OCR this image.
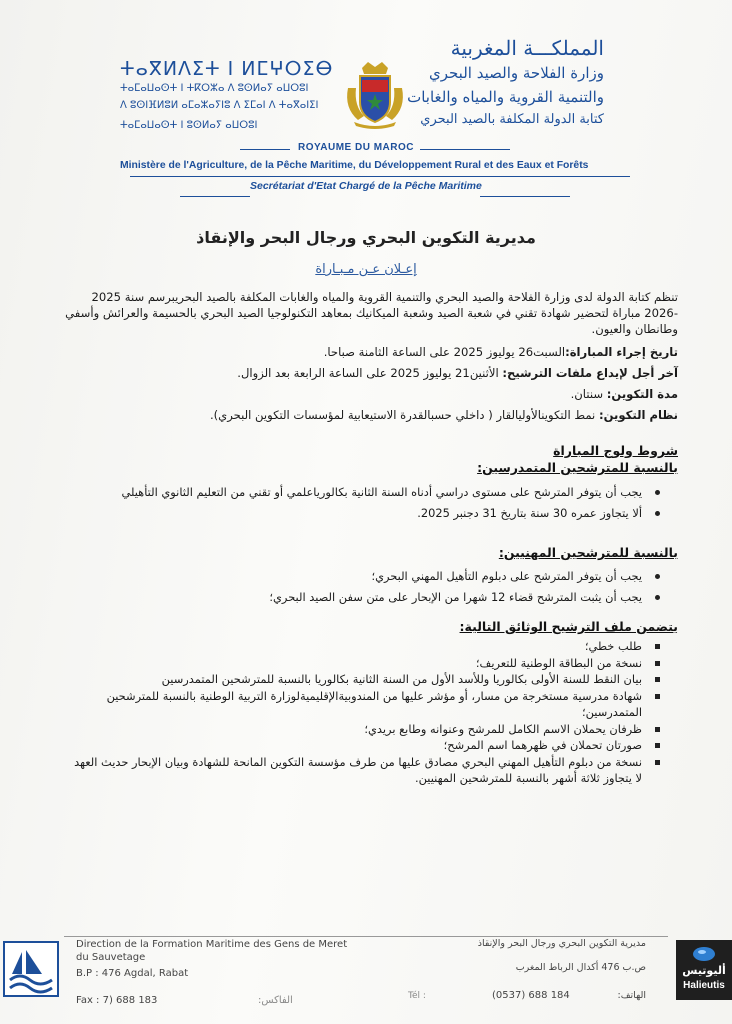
ⵜⴰⴳⵍⴷⵉⵜ ⵏ ⵍⵎⵖⵔⵉⴱ
ⵜⴰⵎⴰⵡⴰⵙⵜ ⵏ ⵜⴽⵔⵣⴰ ⴷ ⵓⵙⵍⴰⵢ ⴰⵡⵔⵓⵏ
ⴷ ⵓⵙⵏⴼⵍⵓⵍ ⴰⵎⴰⵣⴰⵢⵏⵓ ⴷ ⵉⵎⴰⵏ ⴷ ⵜⴰⴳⴰⵏⵉⵏ
ⵜⴰⵎⴰⵡⴰⵙⵜ ⵏ ⵓⵙⵍⴰⵢ ⴰⵡⵔⵓⵏ
المملكـــة المغربية
وزارة الفلاحة والصيد البحري
والتنمية القروية والمياه والغابات
كتابة الدولة المكلفة بالصيد البحري
ROYAUME DU MAROC
Ministère de l'Agriculture, de la Pêche Maritime, du Développement Rural et des Eaux et Forêts
Secrétariat d'Etat Chargé de la Pêche Maritime
مديرية التكوين البحري ورجال البحر والإنقاذ
إعـلان عـن مـبـاراة
تنظم كتابة الدولة لدى وزارة الفلاحة والصيد البحري والتنمية القروية والمياه والغابات المكلفة بالصيد البحريبرسم سنة 2025 -2026 مباراة لتحضير شهادة تقني في شعبة الصيد وشعبة الميكانيك بمعاهد التكنولوجيا الصيد البحري بالحسيمة والعرائش وأسفي وطانطان والعيون.
تاريخ إجراء المباراة:السبت26 يوليوز 2025 على الساعة الثامنة صباحا.
آخر أجل لإيداع ملفات الترشيح: الأثنين21 يوليوز 2025 على الساعة الرابعة بعد الزوال.
مدة التكوين: سنتان.
نظام التكوين: نمط التكوينالأوليالقار ( داخلي حسبالقدرة الاستيعابية لمؤسسات التكوين البحري).
شروط ولوج المباراة
بالنسبة للمترشحين المتمدرسين:
يجب أن يتوفر المترشح على مستوى دراسي أدناه السنة الثانية بكالورياعلمي أو تقني من التعليم الثانوي التأهيلي
ألا يتجاوز عمره 30 سنة بتاريخ 31 دجنبر 2025.
بالنسبة للمترشحين المهنيين:
يجب أن يتوفر المترشح على دبلوم التأهيل المهني البحري؛
يجب أن يثبت المترشح قضاء 12 شهرا من الإبحار على متن سفن الصيد البحري؛
يتضمن ملف الترشيح الوثائق التالية:
طلب خطي؛
نسخة من البطاقة الوطنية للتعريف؛
بيان النقط للسنة الأولى بكالوريا وللأسد الأول من السنة الثانية بكالوريا بالنسبة للمترشحين المتمدرسين
شهادة مدرسية مستخرجة من مسار، أو مؤشر عليها من المندوبيةالإقليميةلوزارة التربية الوطنية بالنسبة للمترشحين المتمدرسين؛
ظرفان يحملان الاسم الكامل للمرشح وعنوانه وطابع بريدي؛
صورتان تحملان في ظهرهما اسم المرشح؛
نسخة من دبلوم التأهيل المهني البحري مصادق عليها من طرف مؤسسة التكوين المانحة للشهادة وبيان الإبحار حديث العهد لا يتجاوز ثلاثة أشهر بالنسبة للمترشحين المهنيين.
Direction de la Formation Maritime des Gens de Meret
du Sauvetage
B.P : 476 Agdal, Rabat
Fax : 7) 688 183	الفاكس:	Tél :	(0537) 688 184
مديرية التكوين البحري ورجال البحر والإنقاذ
ص.ب 476 أكدال الرباط المغرب
الهاتف:
أليوتيس
Halieutis
